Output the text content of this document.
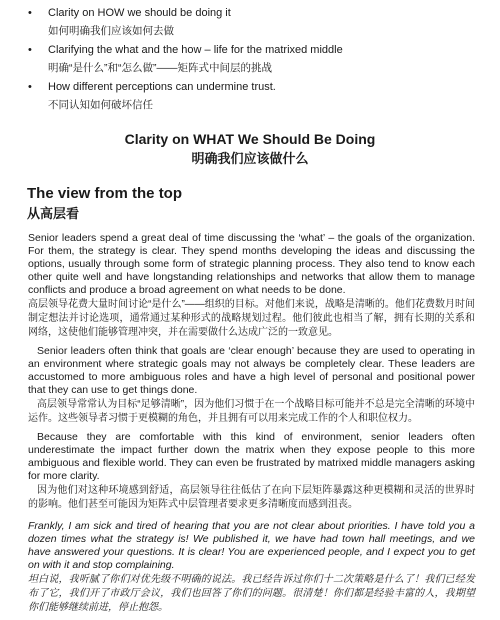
•	Clarity on HOW we should be doing it
如何明确我们应该如何去做
•	Clarifying the what and the how – life for the matrixed middle
明确“是什么”和“怎么做”——矩阵式中间层的挑战
•	How different perceptions can undermine trust.
不同认知如何破坏信任
Clarity on WHAT We Should Be Doing
明确我们应该做什么
The view from the top
从高层看

Senior leaders spend a great deal of time discussing the ‘what’ – the goals of the organization. For them, the strategy is clear. They spend months developing the ideas and discussing the options, usually through some form of strategic planning process. They also tend to know each other quite well and have longstanding relationships and networks that allow them to manage conflicts and produce a broad agreement on what needs to be done.

高层领导花费大量时间讨论“是什么”——组织的目标。对他们来说，战略是清晰的。他们花费数月时间制定想法并讨论选项，通常通过某种形式的战略规划过程。他们彼此也相当了解，拥有长期的关系和网络，这使他们能够管理冲突，并在需要做什么达成广泛的一致意见。

Senior leaders often think that goals are ‘clear enough’ because they are used to operating in an environment where strategic goals may not always be completely clear. These leaders are accustomed to more ambiguous roles and have a high level of personal and positional power that they can use to get things done.

高层领导常常认为目标“足够清晰”，因为他们习惯于在一个战略目标可能并不总是完全清晰的环境中运作。这些领导者习惯于更模糊的角色，并且拥有可以用来完成工作的个人和职位权力。

Because they are comfortable with this kind of environment, senior leaders often underestimate the impact further down the matrix when they expose people to this more ambiguous and flexible world. They can even be frustrated by matrixed middle managers asking for more clarity.

因为他们对这种环境感到舒适，高层领导往往低估了在向下层矩阵暴露这种更模糊和灵活的世界时的影响。他们甚至可能因为矩阵式中层管理者要求更多清晰度而感到沮丧。

Frankly, I am sick and tired of hearing that you are not clear about priorities. I have told you a dozen times what the strategy is! We published it, we have had town hall meetings, and we have answered your questions. It is clear! You are experienced people, and I expect you to get on with it and stop complaining.

坦白说，我听腻了你们对优先级不明确的说法。我已经告诉过你们十二次策略是什么了！我们已经发布了它，我们开了市政厅会议，我们也回答了你们的问题。很清楚！你们都是经验丰富的人，我期望你们能够继续前进，停止抱怨。
